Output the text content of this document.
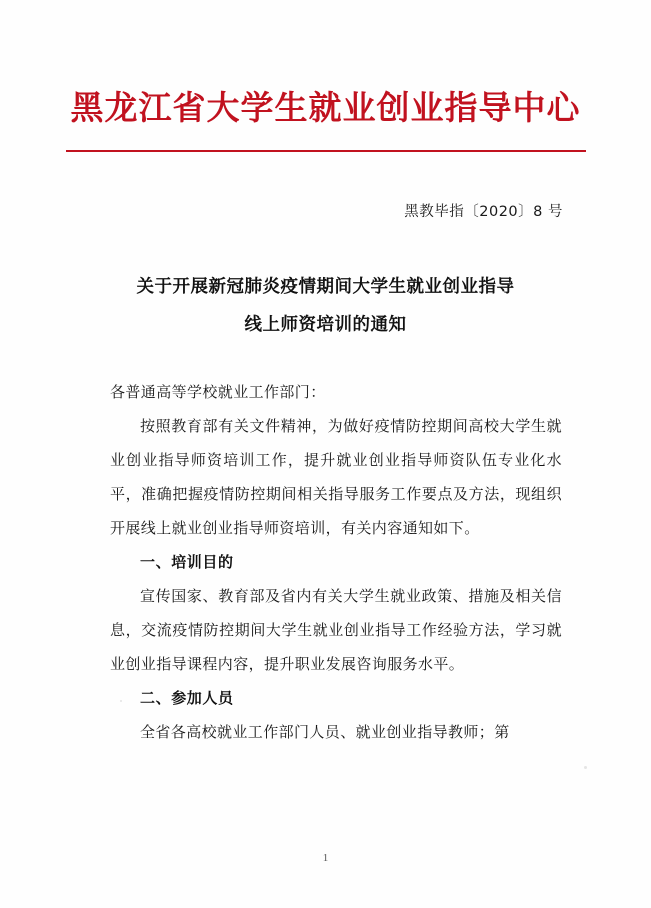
黑龙江省大学生就业创业指导中心
黑教毕指〔2020〕8 号
关于开展新冠肺炎疫情期间大学生就业创业指导
线上师资培训的通知
各普通高等学校就业工作部门：

按照教育部有关文件精神，为做好疫情防控期间高校大学生就业创业指导师资培训工作，提升就业创业指导师资队伍专业化水平，准确把握疫情防控期间相关指导服务工作要点及方法，现组织开展线上就业创业指导师资培训，有关内容通知如下。

一、培训目的

宣传国家、教育部及省内有关大学生就业政策、措施及相关信息，交流疫情防控期间大学生就业创业指导工作经验方法，学习就业创业指导课程内容，提升职业发展咨询服务水平。

二、参加人员

全省各高校就业工作部门人员、就业创业指导教师；第

1
